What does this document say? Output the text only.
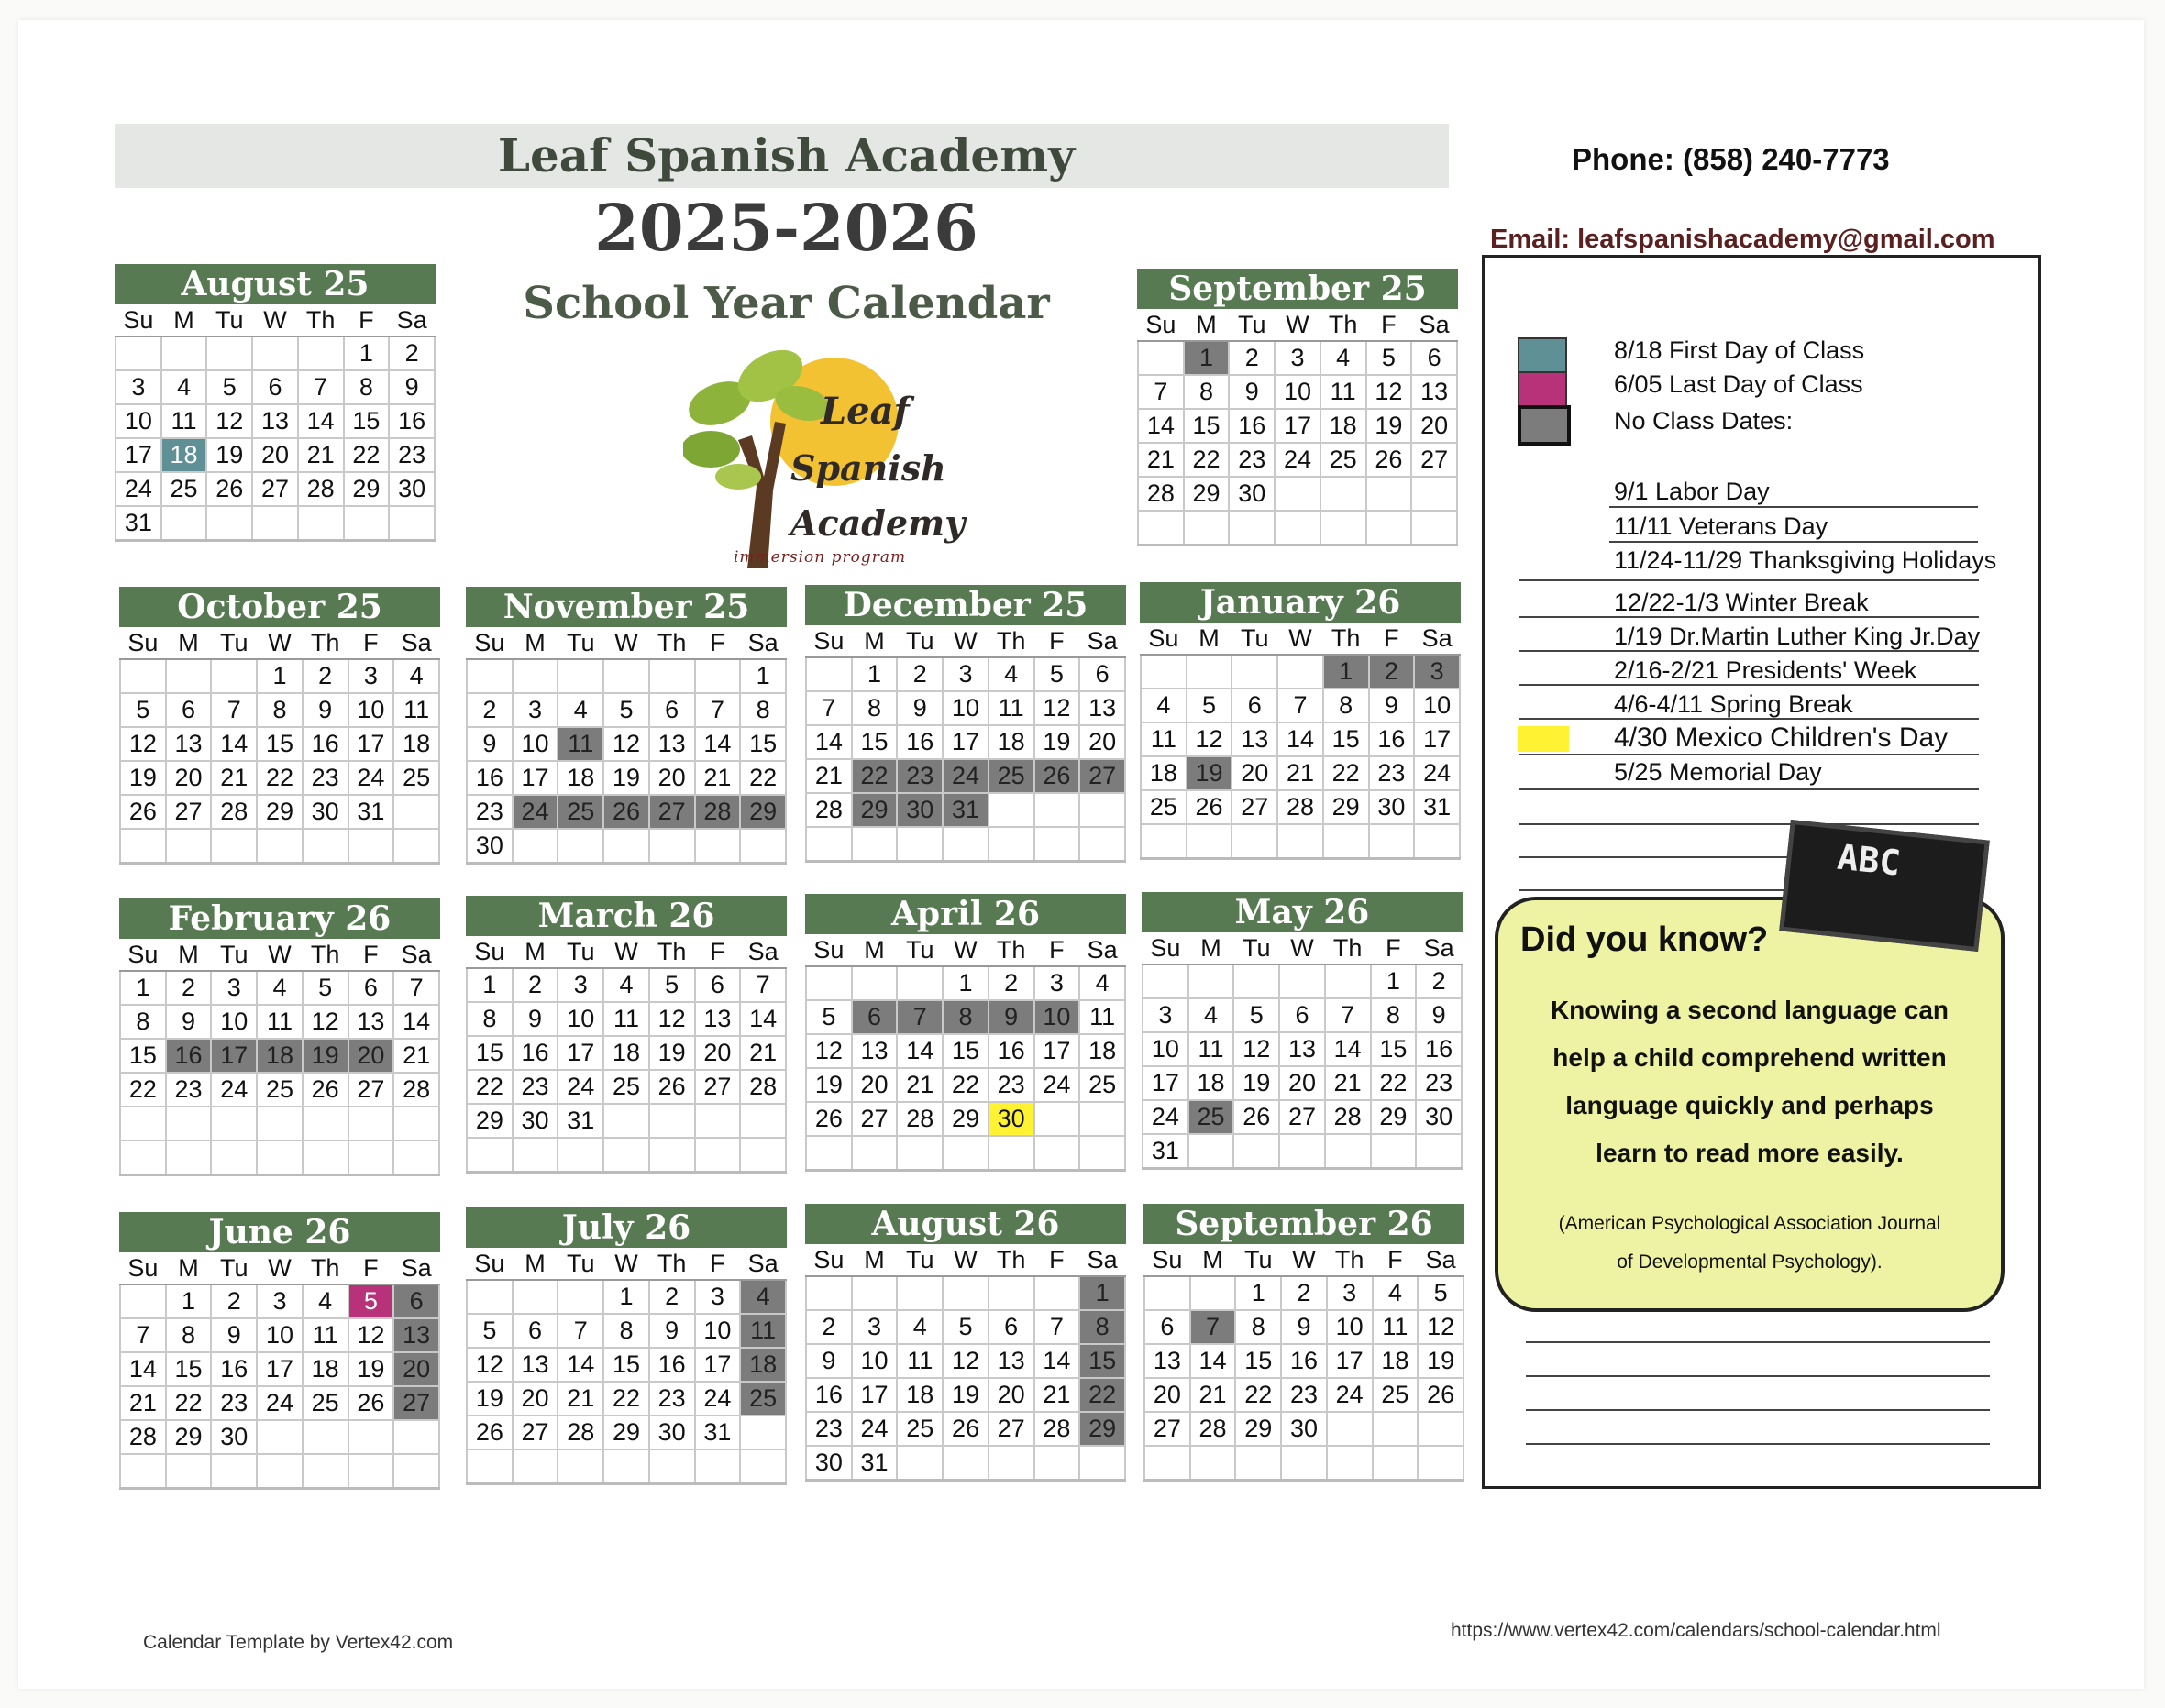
Leaf Spanish Academy
2025-2026
School Year Calendar
Phone: (858) 240-7773
Email: leafspanishacademy@gmail.com
Leaf
Spanish
Academy
immersion program
August 25
Su	M	Tu	W	Th	F	Sa
					1	2
3	4	5	6	7	8	9
10	11	12	13	14	15	16
17	18	19	20	21	22	23
24	25	26	27	28	29	30
31						
September 25
Su	M	Tu	W	Th	F	Sa
	1	2	3	4	5	6
7	8	9	10	11	12	13
14	15	16	17	18	19	20
21	22	23	24	25	26	27
28	29	30				

October 25
Su	M	Tu	W	Th	F	Sa
			1	2	3	4
5	6	7	8	9	10	11
12	13	14	15	16	17	18
19	20	21	22	23	24	25
26	27	28	29	30	31	

November 25
Su	M	Tu	W	Th	F	Sa
						1
2	3	4	5	6	7	8
9	10	11	12	13	14	15
16	17	18	19	20	21	22
23	24	25	26	27	28	29
30						
December 25
Su	M	Tu	W	Th	F	Sa
	1	2	3	4	5	6
7	8	9	10	11	12	13
14	15	16	17	18	19	20
21	22	23	24	25	26	27
28	29	30	31			

January 26
Su	M	Tu	W	Th	F	Sa
				1	2	3
4	5	6	7	8	9	10
11	12	13	14	15	16	17
18	19	20	21	22	23	24
25	26	27	28	29	30	31

February 26
Su	M	Tu	W	Th	F	Sa
1	2	3	4	5	6	7
8	9	10	11	12	13	14
15	16	17	18	19	20	21
22	23	24	25	26	27	28

March 26
Su	M	Tu	W	Th	F	Sa
1	2	3	4	5	6	7
8	9	10	11	12	13	14
15	16	17	18	19	20	21
22	23	24	25	26	27	28
29	30	31				

April 26
Su	M	Tu	W	Th	F	Sa
			1	2	3	4
5	6	7	8	9	10	11
12	13	14	15	16	17	18
19	20	21	22	23	24	25
26	27	28	29	30		

May 26
Su	M	Tu	W	Th	F	Sa
					1	2
3	4	5	6	7	8	9
10	11	12	13	14	15	16
17	18	19	20	21	22	23
24	25	26	27	28	29	30
31						
June 26
Su	M	Tu	W	Th	F	Sa
	1	2	3	4	5	6
7	8	9	10	11	12	13
14	15	16	17	18	19	20
21	22	23	24	25	26	27
28	29	30				

July 26
Su	M	Tu	W	Th	F	Sa
			1	2	3	4
5	6	7	8	9	10	11
12	13	14	15	16	17	18
19	20	21	22	23	24	25
26	27	28	29	30	31	

August 26
Su	M	Tu	W	Th	F	Sa
						1
2	3	4	5	6	7	8
9	10	11	12	13	14	15
16	17	18	19	20	21	22
23	24	25	26	27	28	29
30	31					
September 26
Su	M	Tu	W	Th	F	Sa
		1	2	3	4	5
6	7	8	9	10	11	12
13	14	15	16	17	18	19
20	21	22	23	24	25	26
27	28	29	30			

8/18 First Day of Class
6/05 Last Day of Class
No Class Dates:
9/1 Labor Day
11/11 Veterans Day
11/24-11/29 Thanksgiving Holidays
12/22-1/3 Winter Break
1/19 Dr.Martin Luther King Jr.Day
2/16-2/21 Presidents' Week
4/6-4/11 Spring Break
4/30 Mexico Children's Day
5/25 Memorial Day
Did you know?
Knowing a second language can
help a child comprehend written
language quickly and perhaps
learn to read more easily.
(American Psychological Association Journal
of Developmental Psychology).
ABC
Calendar Template by Vertex42.com
https://www.vertex42.com/calendars/school-calendar.html
